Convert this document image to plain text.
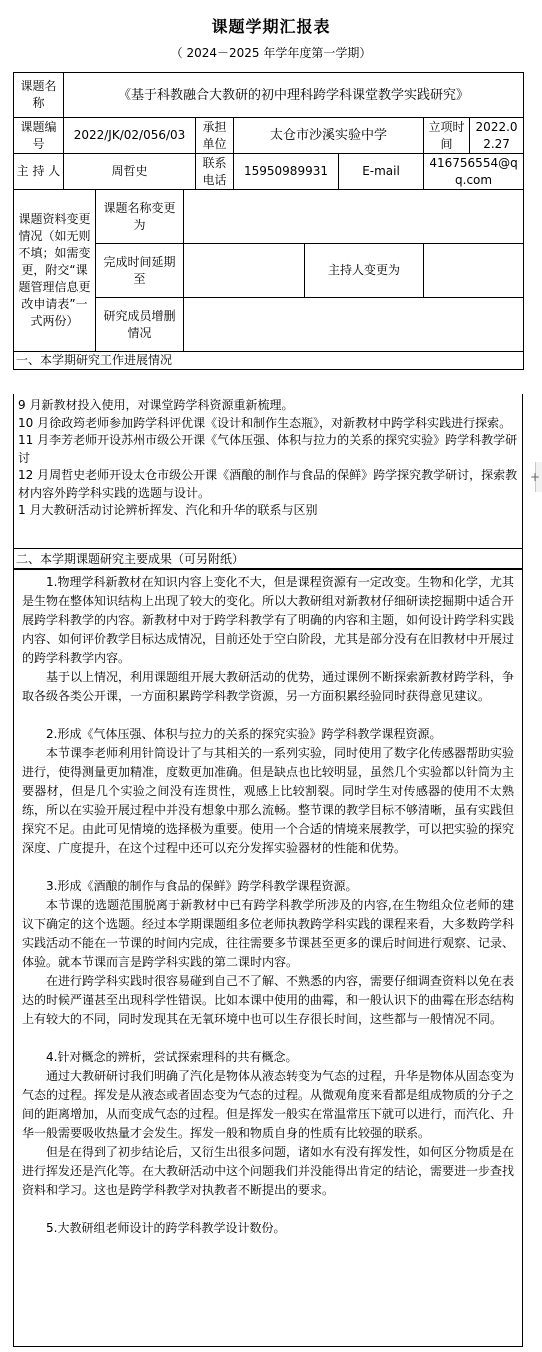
课题学期汇报表
（ 2024－2025 年学年度第一学期）
课题名称	《基于科教融合大教研的初中理科跨学科课堂教学实践研究》								
课题编号	2022/JK/02/056/03			承担单位	太仓市沙溪实验中学			立项时间	2022.02.27
主 持 人	周哲史			联系电话	15950989931		E-mail	416756554@qq.com	
课题资料变更情况（如无则不填；如需变更，附交“课题管理信息更改申请表”一式两份）		课题名称变更为							
		完成时间延期至				主持人变更为			
		研究成员增删情况							
一、本学期研究工作进展情况									

9 月新教材投入使用，对课堂跨学科资源重新梳理。

10 月徐政筠老师参加跨学科评优课《设计和制作生态瓶》，对新教材中跨学科实践进行探索。

11 月李芳老师开设苏州市级公开课《气体压强、体积与拉力的关系的探究实验》跨学科教学研讨

12 月周哲史老师开设太仓市级公开课《酒酿的制作与食品的保鲜》跨学探究教学研讨，探索教材内容外跨学科实践的选题与设计。

1 月大教研活动讨论辨析挥发、汽化和升华的联系与区别

二、本学期课题研究主要成果（可另附纸）

1.物理学科新教材在知识内容上变化不大，但是课程资源有一定改变。生物和化学，尤其是生物在整体知识结构上出现了较大的变化。所以大教研组对新教材仔细研读挖掘期中适合开展跨学科教学的内容。新教材中对于跨学科教学有了明确的内容和主题，如何设计跨学科实践内容、如何评价教学目标达成情况，目前还处于空白阶段，尤其是部分没有在旧教材中开展过的跨学科教学内容。

基于以上情况，利用课题组开展大教研活动的优势，通过课例不断探索新教材跨学科，争取各级各类公开课，一方面积累跨学科教学资源，另一方面积累经验同时获得意见建议。

2.形成《气体压强、体积与拉力的关系的探究实验》跨学科教学课程资源。

本节课李老师利用针筒设计了与其相关的一系列实验，同时使用了数字化传感器帮助实验进行，使得测量更加精准，度数更加准确。但是缺点也比较明显，虽然几个实验都以针筒为主要器材，但是几个实验之间没有连贯性，观感上比较割裂。同时学生对传感器的使用不太熟练，所以在实验开展过程中并没有想象中那么流畅。整节课的教学目标不够清晰，虽有实践但探究不足。由此可见情境的选择极为重要。使用一个合适的情境来展教学，可以把实验的探究深度、广度提升，在这个过程中还可以充分发挥实验器材的性能和优势。

3.形成《酒酿的制作与食品的保鲜》跨学科教学课程资源。

本节课的选题范围脱离于新教材中已有跨学科教学所涉及的内容,在生物组众位老师的建议下确定的这个选题。经过本学期课题组多位老师执教跨学科实践的课程来看，大多数跨学科实践活动不能在一节课的时间内完成，往往需要多节课甚至更多的课后时间进行观察、记录、体验。就本节课而言是跨学科实践的第二课时内容。

在进行跨学科实践时很容易碰到自己不了解、不熟悉的内容，需要仔细调查资料以免在表达的时候严谨甚至出现科学性错误。比如本课中使用的曲霉，和一般认识下的曲霉在形态结构上有较大的不同，同时发现其在无氧环境中也可以生存很长时间，这些都与一般情况不同。

4.针对概念的辨析，尝试探索理科的共有概念。

通过大教研研讨我们明确了汽化是物体从液态转变为气态的过程，升华是物体从固态变为气态的过程。挥发是从液态或者固态变为气态的过程。从微观角度来看都是组成物质的分子之间的距离增加，从而变成气态的过程。但是挥发一般实在常温常压下就可以进行，而汽化、升华一般需要吸收热量才会发生。挥发一般和物质自身的性质有比较强的联系。

但是在得到了初步结论后，又衍生出很多问题，诸如水有没有挥发性，如何区分物质是在进行挥发还是汽化等。在大教研活动中这个问题我们并没能得出肯定的结论，需要进一步查找资料和学习。这也是跨学科教学对执教者不断提出的要求。

5.大教研组老师设计的跨学科教学设计数份。

+
